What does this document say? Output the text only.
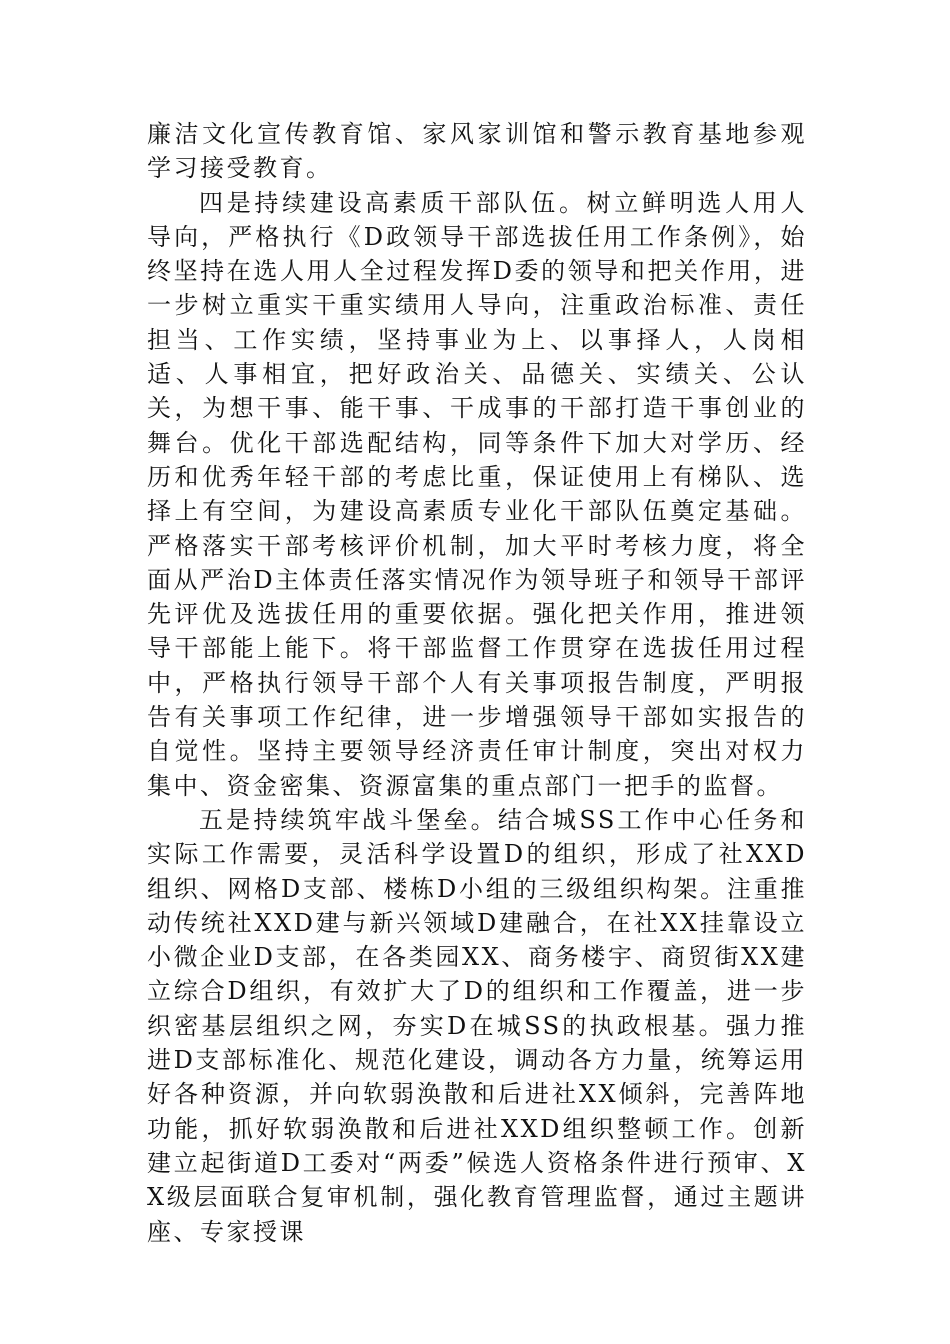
廉洁文化宣传教育馆、家风家训馆和警示教育基地参观学习接受教育。

四是持续建设高素质干部队伍。树立鲜明选人用人导向，严格执行《D政领导干部选拔任用工作条例》，始终坚持在选人用人全过程发挥D委的领导和把关作用，进一步树立重实干重实绩用人导向，注重政治标准、责任担当、工作实绩，坚持事业为上、以事择人，人岗相适、人事相宜，把好政治关、品德关、实绩关、公认关，为想干事、能干事、干成事的干部打造干事创业的舞台。优化干部选配结构，同等条件下加大对学历、经历和优秀年轻干部的考虑比重，保证使用上有梯队、选择上有空间，为建设高素质专业化干部队伍奠定基础。严格落实干部考核评价机制，加大平时考核力度，将全面从严治D主体责任落实情况作为领导班子和领导干部评先评优及选拔任用的重要依据。强化把关作用，推进领导干部能上能下。将干部监督工作贯穿在选拔任用过程中，严格执行领导干部个人有关事项报告制度，严明报告有关事项工作纪律，进一步增强领导干部如实报告的自觉性。坚持主要领导经济责任审计制度，突出对权力集中、资金密集、资源富集的重点部门一把手的监督。

五是持续筑牢战斗堡垒。结合城SS工作中心任务和实际工作需要，灵活科学设置D的组织，形成了社XXD组织、网格D支部、楼栋D小组的三级组织构架。注重推动传统社XXD建与新兴领域D建融合，在社XX挂靠设立小微企业D支部，在各类园XX、商务楼宇、商贸街XX建立综合D组织，有效扩大了D的组织和工作覆盖，进一步织密基层组织之网，夯实D在城SS的执政根基。强力推进D支部标准化、规范化建设，调动各方力量，统筹运用好各种资源，并向软弱涣散和后进社XX倾斜，完善阵地功能，抓好软弱涣散和后进社XXD组织整顿工作。创新建立起街道D工委对“两委”候选人资格条件进行预审、XX级层面联合复审机制，强化教育管理监督，通过主题讲座、专家授课
